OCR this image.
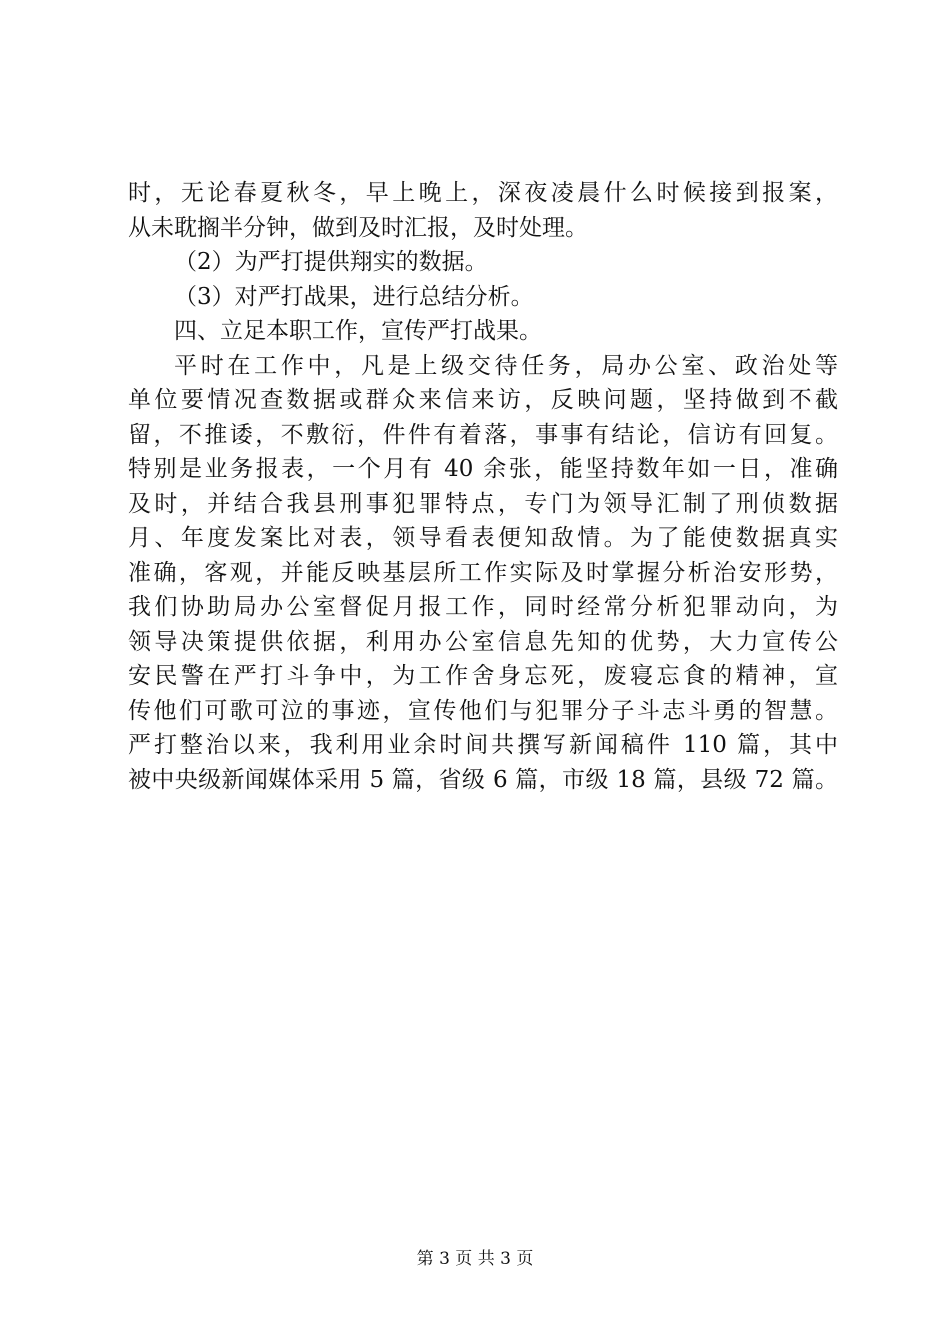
时，无论春夏秋冬，早上晚上，深夜凌晨什么时候接到报案，
从未耽搁半分钟，做到及时汇报，及时处理。
（2）为严打提供翔实的数据。
（3）对严打战果，进行总结分析。
四、立足本职工作，宣传严打战果。
平时在工作中，凡是上级交待任务，局办公室、政治处等
单位要情况查数据或群众来信来访，反映问题，坚持做到不截
留，不推诿，不敷衍，件件有着落，事事有结论，信访有回复。
特别是业务报表，一个月有 40 余张，能坚持数年如一日，准确
及时，并结合我县刑事犯罪特点，专门为领导汇制了刑侦数据
月、年度发案比对表，领导看表便知敌情。为了能使数据真实
准确，客观，并能反映基层所工作实际及时掌握分析治安形势，
我们协助局办公室督促月报工作，同时经常分析犯罪动向，为
领导决策提供依据，利用办公室信息先知的优势，大力宣传公
安民警在严打斗争中，为工作舍身忘死，废寝忘食的精神，宣
传他们可歌可泣的事迹，宣传他们与犯罪分子斗志斗勇的智慧。
严打整治以来，我利用业余时间共撰写新闻稿件 110 篇，其中
被中央级新闻媒体采用 5 篇，省级 6 篇，市级 18 篇，县级 72 篇。
第 3 页 共 3 页
